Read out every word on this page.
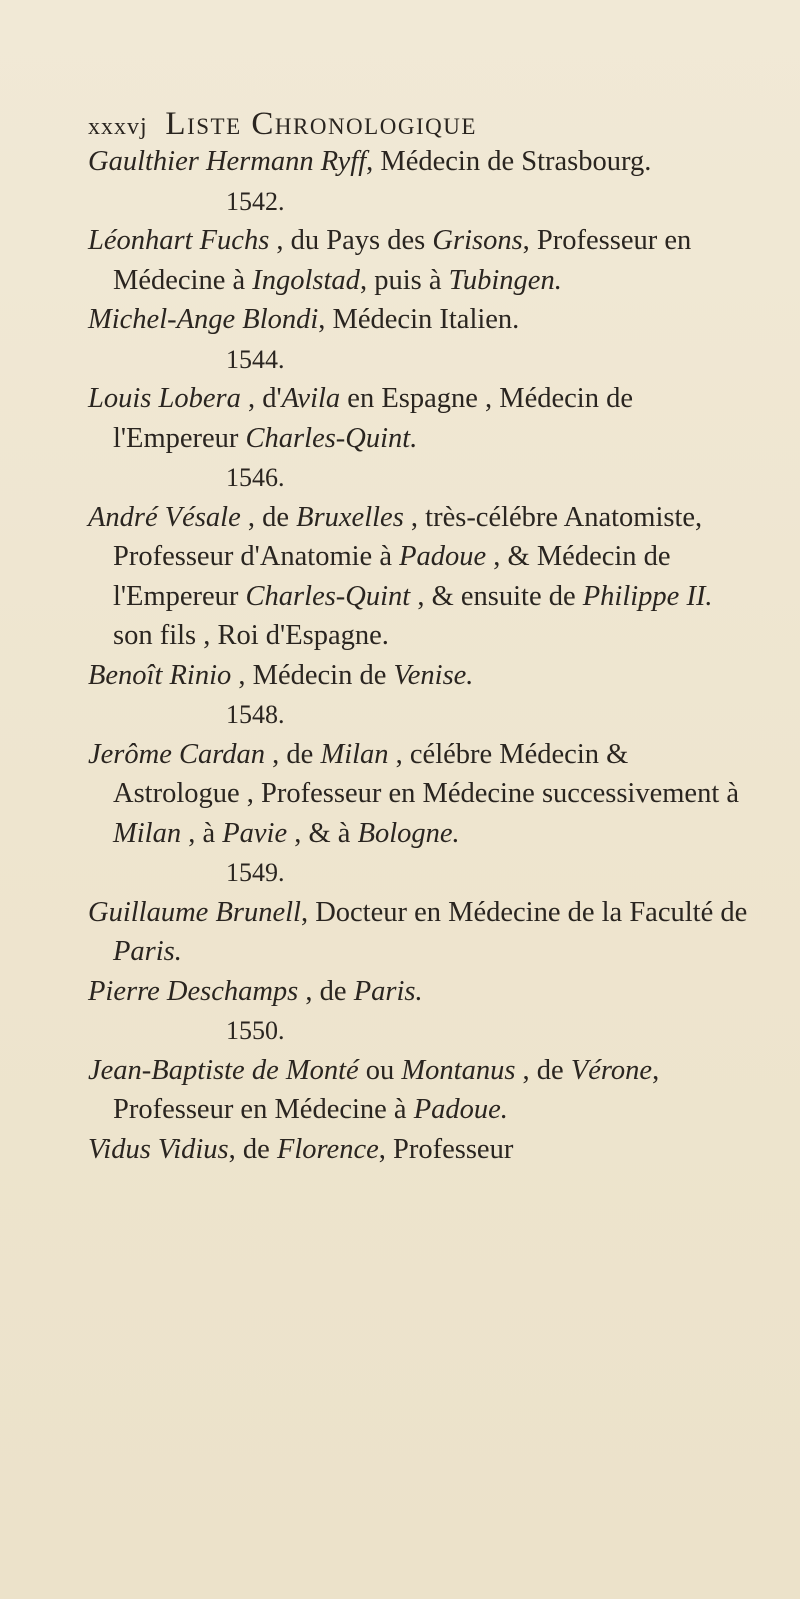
xxxvj Liste Chronologique

Gaulthier Hermann Ryff, Médecin de Strasbourg.

1542.

Léonhart Fuchs , du Pays des Grisons, Professeur en Médecine à Ingolstad, puis à Tubingen.

Michel-Ange Blondi, Médecin Italien.

1544.

Louis Lobera , d'Avila en Espagne , Médecin de l'Empereur Charles-Quint.

1546.

André Vésale , de Bruxelles , très-célébre Anatomiste, Professeur d'Anatomie à Padoue , & Médecin de l'Empereur Charles-Quint , & ensuite de Philippe II. son fils , Roi d'Espagne.

Benoît Rinio , Médecin de Venise.

1548.

Jerôme Cardan , de Milan , célébre Médecin & Astrologue , Professeur en Médecine successivement à Milan , à Pavie , & à Bologne.

1549.

Guillaume Brunell, Docteur en Médecine de la Faculté de Paris.

Pierre Deschamps , de Paris.

1550.

Jean-Baptiste de Monté ou Montanus , de Vérone, Professeur en Médecine à Padoue.

Vidus Vidius, de Florence, Professeur
